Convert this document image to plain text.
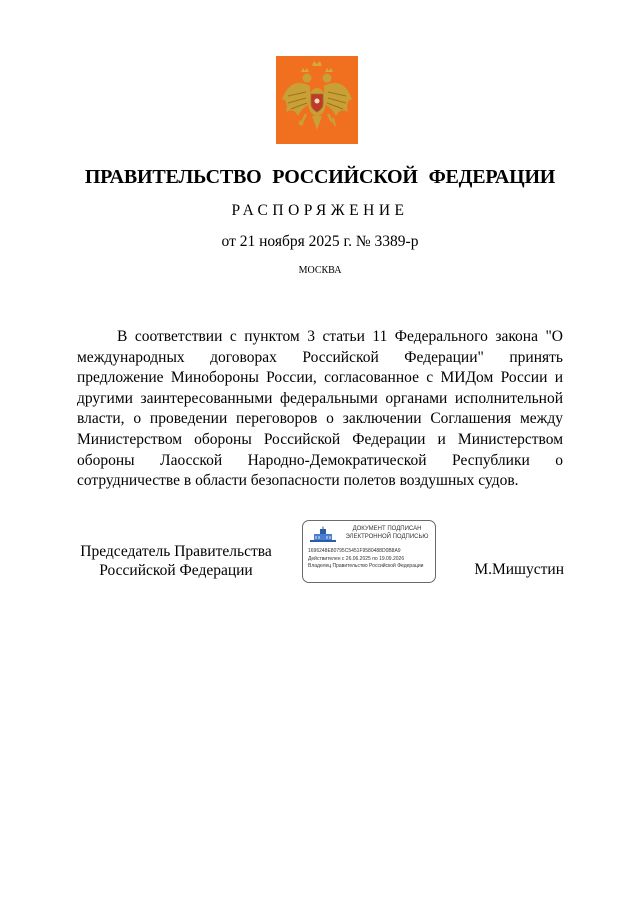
ПРАВИТЕЛЬСТВО РОССИЙСКОЙ ФЕДЕРАЦИИ
РАСПОРЯЖЕНИЕ
от 21 ноября 2025 г. № 3389-р
МОСКВА

В соответствии с пунктом 3 статьи 11 Федерального закона "О международных договорах Российской Федерации" принять предложение Минобороны России, согласованное с МИДом России и другими заинтересованными федеральными органами исполнительной власти, о проведении переговоров о заключении Соглашения между Министерством обороны Российской Федерации и Министерством обороны Лаосской Народно-Демократической Республики о сотрудничестве в области безопасности полетов воздушных судов.

Председатель Правительства
Российской Федерации
ДОКУМЕНТ ПОДПИСАН
ЭЛЕКТРОННОЙ ПОДПИСЬЮ
1696248E80795C5451F9580488D0B8A9
Действителен с 26.06.2025 по 19.09.2026
Владелец Правительство Российской Федерации	М.Мишустин
